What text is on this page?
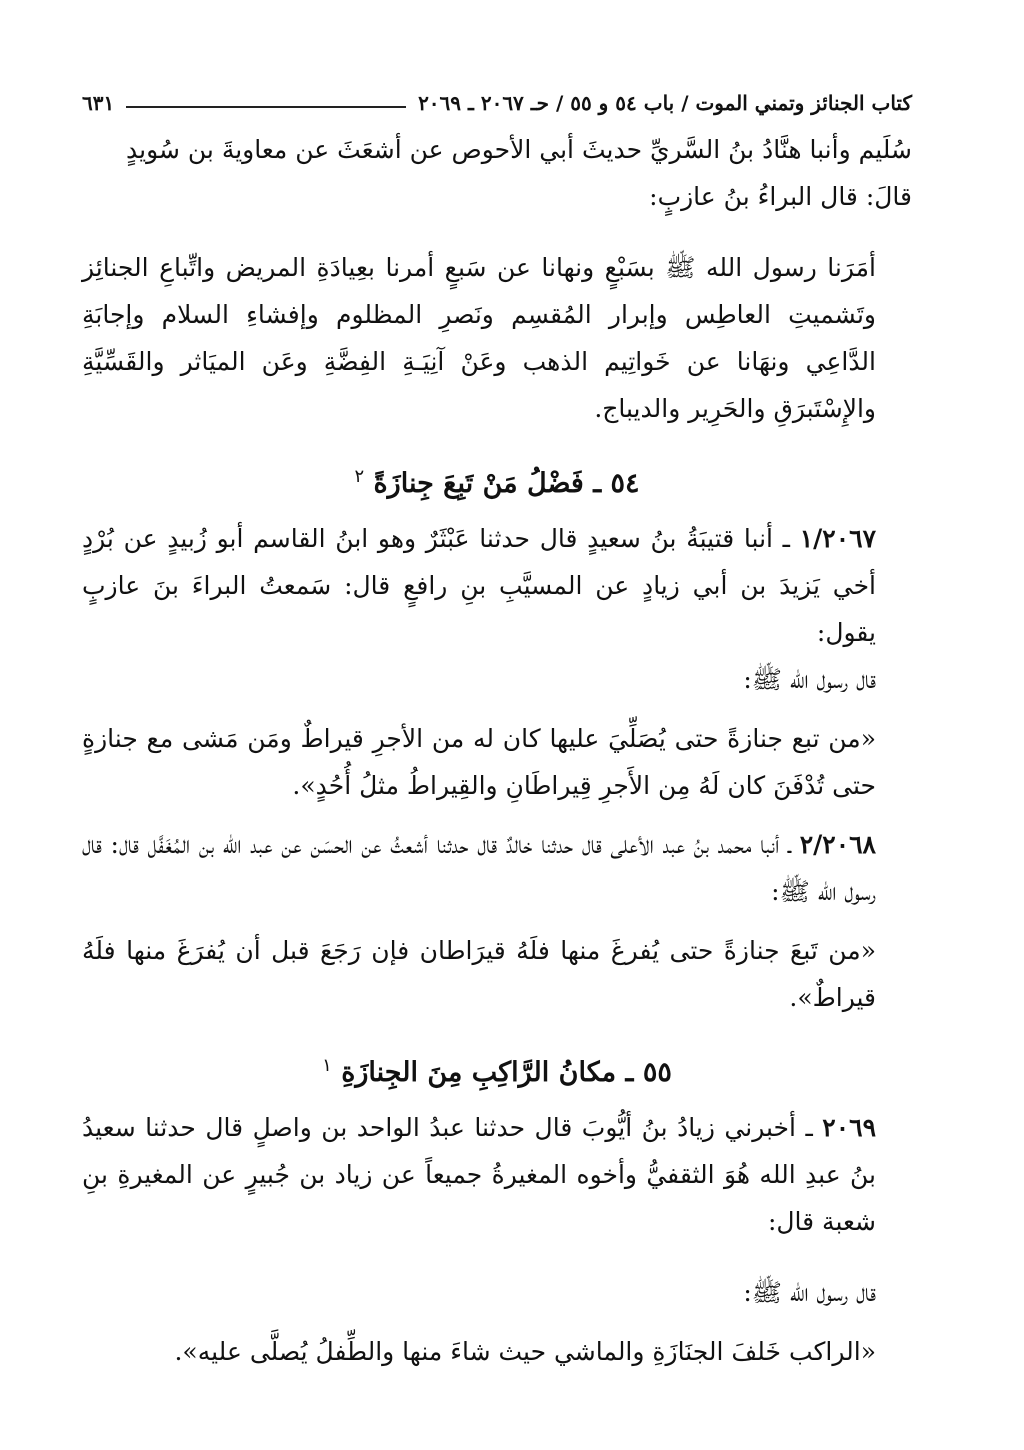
كتاب الجنائز وتمني الموت / باب ٥٤ و ٥٥ / حـ ٢٠٦٧ ـ ٢٠٦٩
٦٣١

سُلَيم وأنبا هنَّادُ بنُ السَّريِّ حديثَ أبي الأحوص عن أشعَثَ عن معاويةَ بن سُويدٍ

قالَ: قال البراءُ بنُ عازبٍ:

أمَرَنا رسول الله ﷺ بسَبْعٍ ونهانا عن سَبعٍ أمرنا بعِيادَةِ المريض واتِّباعِ الجنائِز وتَشميتِ العاطِس وإبرار المُقسِم ونَصرِ المظلوم وإفشاءِ السلام وإجابَةِ الدَّاعِي ونهَانا عن خَواتِيم الذهب وعَنْ آنِيَـةِ الفِضَّةِ وعَن الميَاثر والقَسِّيَّةِ والإِسْتَبرَقِ والحَرِير والديباج.

٥٤ ـ فَضْلُ مَنْ تَبِعَ جِنازَةً $^٢$

١/٢٠٦٧ ـ أنبا قتيبَةُ بنُ سعيدٍ قال حدثنا عَبْثَرٌ وهو ابنُ القاسم أبو زُبيدٍ عن بُرْدٍ أخي يَزيدَ بن أبي زيادٍ عن المسيَّبِ بنِ رافعٍ قال: سَمعتُ البراءَ بنَ عازبٍ يقول:

قال رسول الله ﷺ:

«من تبع جنازةً حتى يُصَلِّيَ عليها كان له من الأجرِ قيراطٌ ومَن مَشى مع جنازةٍ حتى تُدْفَنَ كان لَهُ مِن الأَجرِ قِيراطَانِ والقِيراطُ مثلُ أُحُدٍ».

٢/٢٠٦٨ ـ أنبا محمد بنُ عبد الأعلى قال حدثنا خالدٌ قال حدثنا أشعثُ عن الحسَن عن عبد الله بن المُغَفَّل قال: قال رسول الله ﷺ:

«من تَبعَ جنازةً حتى يُفرغَ منها فلَهُ قيرَاطان فإن رَجَعَ قبل أن يُفرَغَ منها فلَهُ قيراطٌ».

٥٥ ـ مكانُ الرَّاكِبِ مِنَ الجِنازَةِ $^١$

٢٠٦٩ ـ أخبرني زيادُ بنُ أيُّوبَ قال حدثنا عبدُ الواحد بن واصلٍ قال حدثنا سعيدُ بنُ عبدِ الله هُوَ الثقفيُّ وأخوه المغيرةُ جميعاً عن زياد بن جُبيرٍ عن المغيرةِ بنِ شعبة قال:

قال رسول الله ﷺ:

«الراكب خَلفَ الجنَازَةِ والماشي حيث شاءَ منها والطِّفلُ يُصلَّى عليه».
